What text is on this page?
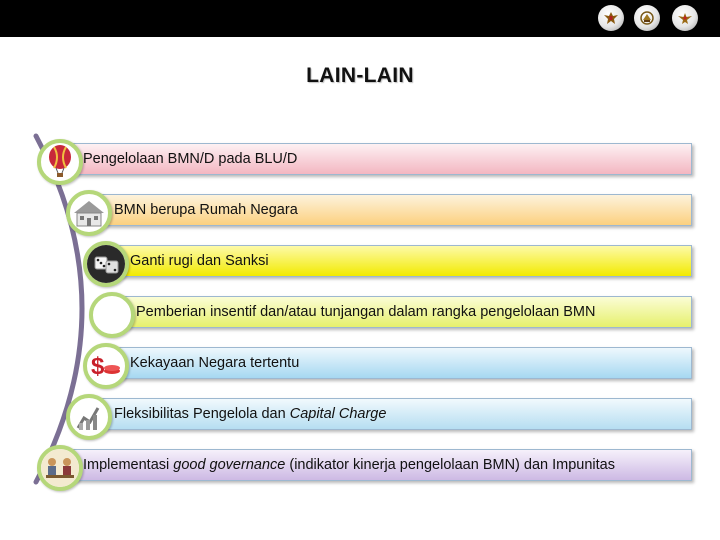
LAIN-LAIN
Pengelolaan BMN/D pada BLU/D
BMN berupa Rumah Negara
Ganti rugi dan Sanksi
Pemberian insentif dan/atau tunjangan dalam rangka pengelolaan BMN
Kekayaan Negara tertentu
Fleksibilitas Pengelola dan Capital Charge
Implementasi good governance (indikator kinerja pengelolaan BMN) dan Impunitas
$
